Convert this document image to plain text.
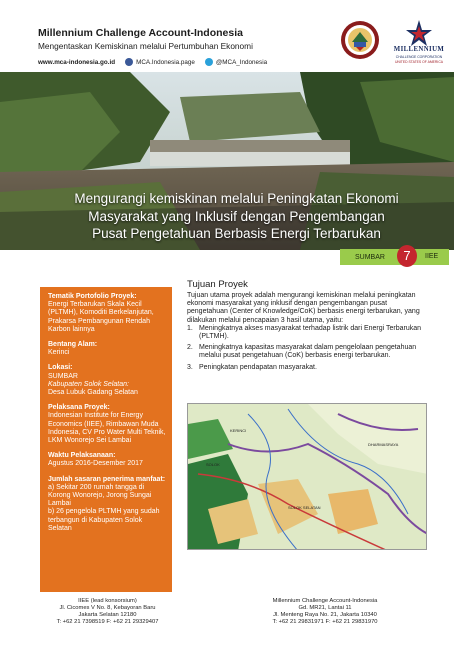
Millennium Challenge Account-Indonesia
Mengentaskan Kemiskinan melalui Pertumbuhan Ekonomi
www.mca-indonesia.go.id	MCA.Indonesia.page	@MCA_Indonesia
MILLENNIUM
CHALLENGE CORPORATION
UNITED STATES OF AMERICA
Mengurangi kemiskinan melalui Peningkatan Ekonomi
Masyarakat yang Inklusif dengan Pengembangan
Pusat Pengetahuan Berbasis Energi Terbarukan
SUMBAR	7	IIEE
Tematik Portofolio Proyek:
Energi Terbarukan Skala Kecil (PLTMH), Komoditi Berkelanjutan, Prakarsa Pembangunan Rendah Karbon lainnya
Bentang Alam:
Kerinci
Lokasi:
SUMBAR
Kabupaten Solok Selatan:
Desa Lubuk Gadang Selatan
Pelaksana Proyek:
Indonesian Institute for Energy Economics (IIEE), Rimbawan Muda Indonesia, CV Pro Water Multi Teknik, LKM Wonorejo Sei Lambai
Waktu Pelaksanaan:
Agustus 2016-Desember 2017
Jumlah sasaran penerima manfaat:
a) Sekitar 200 rumah tangga di Korong Wonorejo, Jorong Sungai Lambai
b) 26 pengelola PLTMH yang sudah terbangun di Kabupaten Solok Selatan
Tujuan Proyek

Tujuan utama proyek adalah mengurangi kemiskinan melalui peningkatan ekonomi masyarakat yang inklusif dengan pengembangan pusat pengetahuan (Center of Knowledge/CoK) berbasis energi terbarukan, yang dilakukan melalui pencapaian 3 hasil utama, yaitu:

1. Meningkatnya akses masyarakat terhadap listrik dari Energi Terbarukan (PLTMH).
2. Meningkatnya kapasitas masyarakat dalam pengelolaan pengetahuan melalui pusat pengetahuan (CoK) berbasis energi terbarukan.
3. Peningkatan pendapatan masyarakat.
KERINCI
DHARMASRAYA
SOLOK SELATAN
SOLOK
IIEE (lead konsorsium)
Jl. Cicomes V No. 8, Kebayoran Baru
Jakarta Selatan 12180
T: +62 21 7398519 F: +62 21 29329407
Millennium Challenge Account-Indonesia
Gd. MR21, Lantai 11
Jl. Menteng Raya No. 21, Jakarta 10340
T: +62 21 29831971 F: +62 21 29831970
